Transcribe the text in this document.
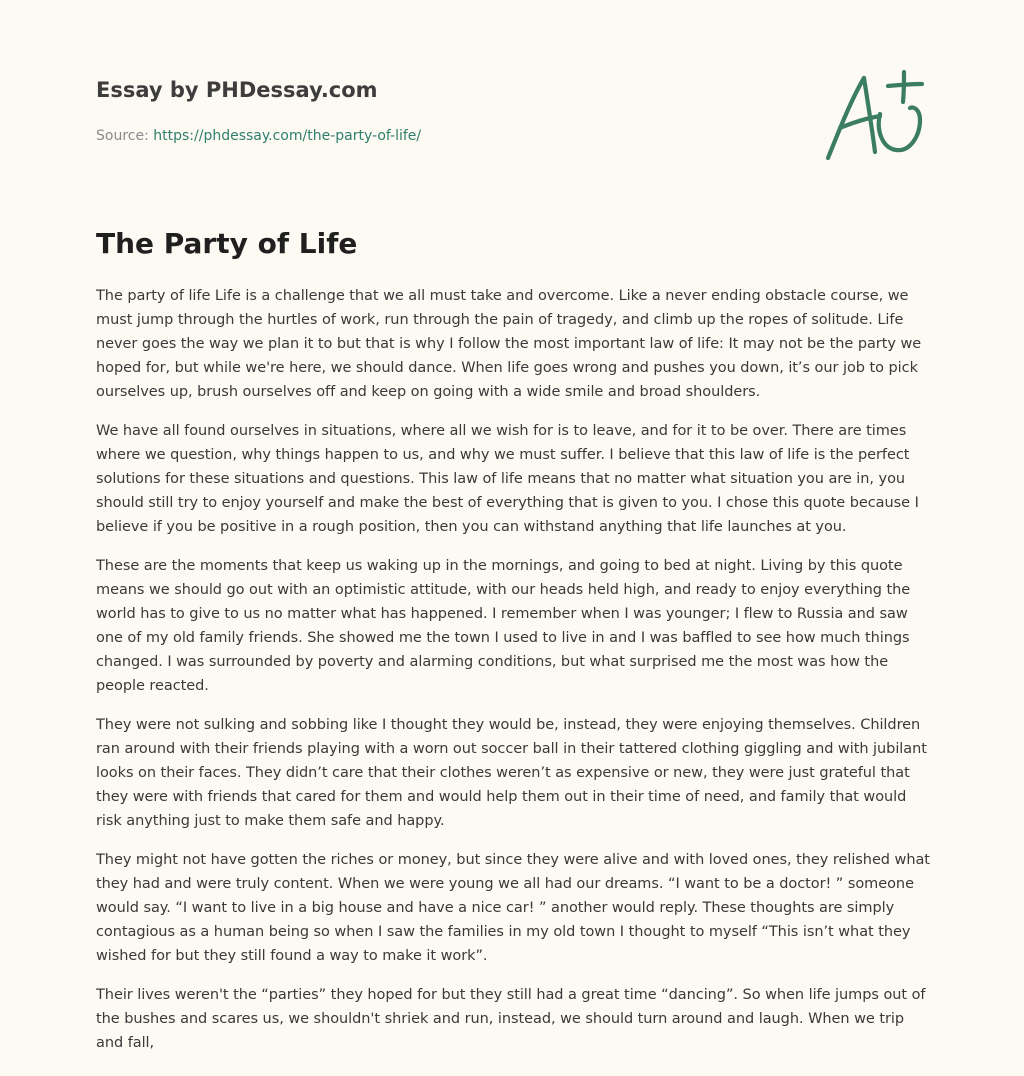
Essay by PHDessay.com
Source: https://phdessay.com/the-party-of-life/
The Party of Life

The party of life Life is a challenge that we all must take and overcome. Like a never ending obstacle course, we must jump through the hurtles of work, run through the pain of tragedy, and climb up the ropes of solitude. Life never goes the way we plan it to but that is why I follow the most important law of life: It may not be the party we hoped for, but while we're here, we should dance. When life goes wrong and pushes you down, it’s our job to pick ourselves up, brush ourselves off and keep on going with a wide smile and broad shoulders.

We have all found ourselves in situations, where all we wish for is to leave, and for it to be over. There are times where we question, why things happen to us, and why we must suffer. I believe that this law of life is the perfect solutions for these situations and questions. This law of life means that no matter what situation you are in, you should still try to enjoy yourself and make the best of everything that is given to you. I chose this quote because I believe if you be positive in a rough position, then you can withstand anything that life launches at you.

These are the moments that keep us waking up in the mornings, and going to bed at night. Living by this quote means we should go out with an optimistic attitude, with our heads held high, and ready to enjoy everything the world has to give to us no matter what has happened. I remember when I was younger; I flew to Russia and saw one of my old family friends. She showed me the town I used to live in and I was baffled to see how much things changed. I was surrounded by poverty and alarming conditions, but what surprised me the most was how the people reacted.

They were not sulking and sobbing like I thought they would be, instead, they were enjoying themselves. Children ran around with their friends playing with a worn out soccer ball in their tattered clothing giggling and with jubilant looks on their faces. They didn’t care that their clothes weren’t as expensive or new, they were just grateful that they were with friends that cared for them and would help them out in their time of need, and family that would risk anything just to make them safe and happy.

They might not have gotten the riches or money, but since they were alive and with loved ones, they relished what they had and were truly content. When we were young we all had our dreams. “I want to be a doctor! ” someone would say. “I want to live in a big house and have a nice car! ” another would reply. These thoughts are simply contagious as a human being so when I saw the families in my old town I thought to myself “This isn’t what they wished for but they still found a way to make it work”.

Their lives weren't the “parties” they hoped for but they still had a great time “dancing”. So when life jumps out of the bushes and scares us, we shouldn't shriek and run, instead, we should turn around and laugh. When we trip and fall,
